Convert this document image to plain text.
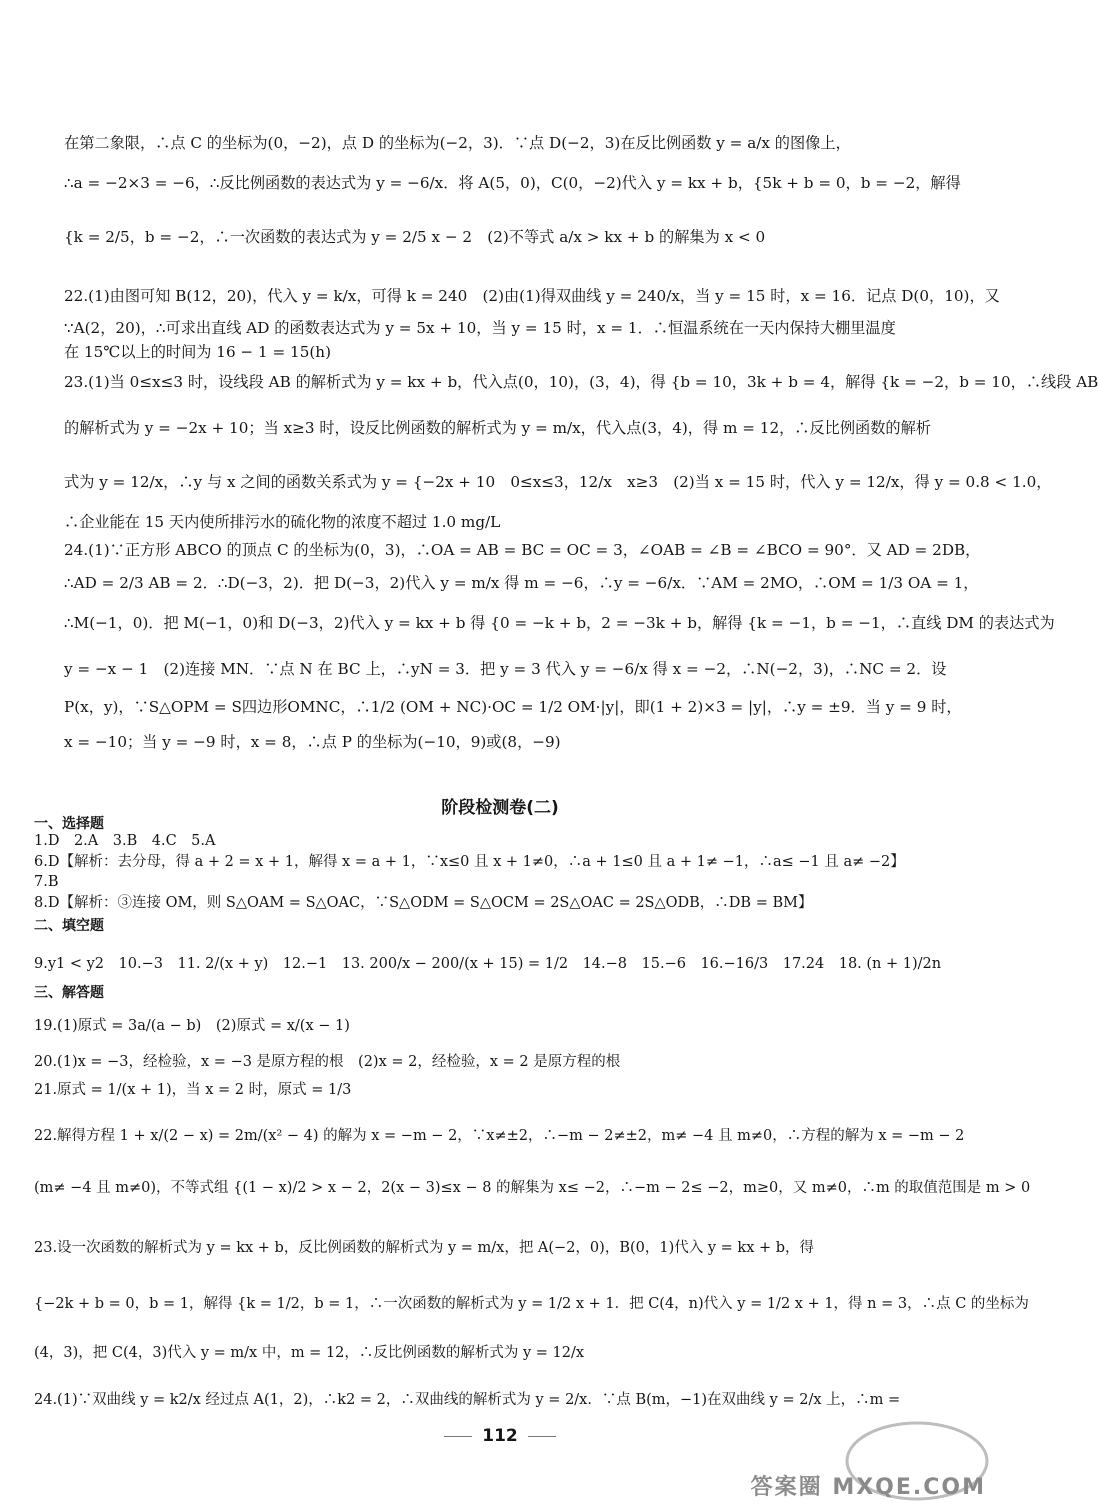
在第二象限，∴点 C 的坐标为(0，−2)，点 D 的坐标为(−2，3)．∵点 D(−2，3)在反比例函数 y = a/x 的图像上，
∴a = −2×3 = −6，∴反比例函数的表达式为 y = −6/x．将 A(5，0)，C(0，−2)代入 y = kx + b，{5k + b = 0，b = −2，解得
{k = 2/5，b = −2，∴一次函数的表达式为 y = 2/5 x − 2　(2)不等式 a/x > kx + b 的解集为 x < 0
22.(1)由图可知 B(12，20)，代入 y = k/x，可得 k = 240　(2)由(1)得双曲线 y = 240/x，当 y = 15 时，x = 16．记点 D(0，10)，又
∵A(2，20)，∴可求出直线 AD 的函数表达式为 y = 5x + 10，当 y = 15 时，x = 1．∴恒温系统在一天内保持大棚里温度
在 15℃以上的时间为 16 − 1 = 15(h)
23.(1)当 0≤x≤3 时，设线段 AB 的解析式为 y = kx + b，代入点(0，10)，(3，4)，得 {b = 10，3k + b = 4，解得 {k = −2，b = 10，∴线段 AB
的解析式为 y = −2x + 10；当 x≥3 时，设反比例函数的解析式为 y = m/x，代入点(3，4)，得 m = 12，∴反比例函数的解析
式为 y = 12/x，∴y 与 x 之间的函数关系式为 y = {−2x + 10　0≤x≤3，12/x　x≥3　(2)当 x = 15 时，代入 y = 12/x，得 y = 0.8 < 1.0，
∴企业能在 15 天内使所排污水的硫化物的浓度不超过 1.0 mg/L
24.(1)∵正方形 ABCO 的顶点 C 的坐标为(0，3)，∴OA = AB = BC = OC = 3，∠OAB = ∠B = ∠BCO = 90°．又 AD = 2DB，
∴AD = 2/3 AB = 2．∴D(−3，2)．把 D(−3，2)代入 y = m/x 得 m = −6，∴y = −6/x．∵AM = 2MO，∴OM = 1/3 OA = 1，
∴M(−1，0)．把 M(−1，0)和 D(−3，2)代入 y = kx + b 得 {0 = −k + b，2 = −3k + b，解得 {k = −1，b = −1，∴直线 DM 的表达式为
y = −x − 1　(2)连接 MN．∵点 N 在 BC 上，∴yN = 3．把 y = 3 代入 y = −6/x 得 x = −2，∴N(−2，3)，∴NC = 2．设
P(x，y)，∵S△OPM = S四边形OMNC，∴1/2 (OM + NC)·OC = 1/2 OM·|y|，即(1 + 2)×3 = |y|，∴y = ±9．当 y = 9 时，
x = −10；当 y = −9 时，x = 8，∴点 P 的坐标为(−10，9)或(8，−9)
阶段检测卷(二)
一、选择题
1.D　2.A　3.B　4.C　5.A
6.D【解析：去分母，得 a + 2 = x + 1，解得 x = a + 1，∵x≤0 且 x + 1≠0，∴a + 1≤0 且 a + 1≠ −1，∴a≤ −1 且 a≠ −2】
7.B
8.D【解析：③连接 OM，则 S△OAM = S△OAC，∵S△ODM = S△OCM = 2S△OAC = 2S△ODB，∴DB = BM】
二、填空题
9.y1 < y2　10.−3　11. 2/(x + y)　12.−1　13. 200/x − 200/(x + 15) = 1/2　14.−8　15.−6　16.−16/3　17.24　18. (n + 1)/2n
三、解答题
19.(1)原式 = 3a/(a − b)　(2)原式 = x/(x − 1)
20.(1)x = −3，经检验，x = −3 是原方程的根　(2)x = 2，经检验，x = 2 是原方程的根
21.原式 = 1/(x + 1)，当 x = 2 时，原式 = 1/3
22.解得方程 1 + x/(2 − x) = 2m/(x² − 4) 的解为 x = −m − 2，∵x≠±2，∴−m − 2≠±2，m≠ −4 且 m≠0，∴方程的解为 x = −m − 2
(m≠ −4 且 m≠0)，不等式组 {(1 − x)/2 > x − 2，2(x − 3)≤x − 8 的解集为 x≤ −2，∴−m − 2≤ −2，m≥0，又 m≠0，∴m 的取值范围是 m > 0
23.设一次函数的解析式为 y = kx + b，反比例函数的解析式为 y = m/x，把 A(−2，0)，B(0，1)代入 y = kx + b，得
{−2k + b = 0，b = 1，解得 {k = 1/2，b = 1，∴一次函数的解析式为 y = 1/2 x + 1．把 C(4，n)代入 y = 1/2 x + 1，得 n = 3，∴点 C 的坐标为
(4，3)，把 C(4，3)代入 y = m/x 中，m = 12，∴反比例函数的解析式为 y = 12/x
24.(1)∵双曲线 y = k2/x 经过点 A(1，2)，∴k2 = 2，∴双曲线的解析式为 y = 2/x．∵点 B(m，−1)在双曲线 y = 2/x 上，∴m =
112
答案圈 MXQE.COM
